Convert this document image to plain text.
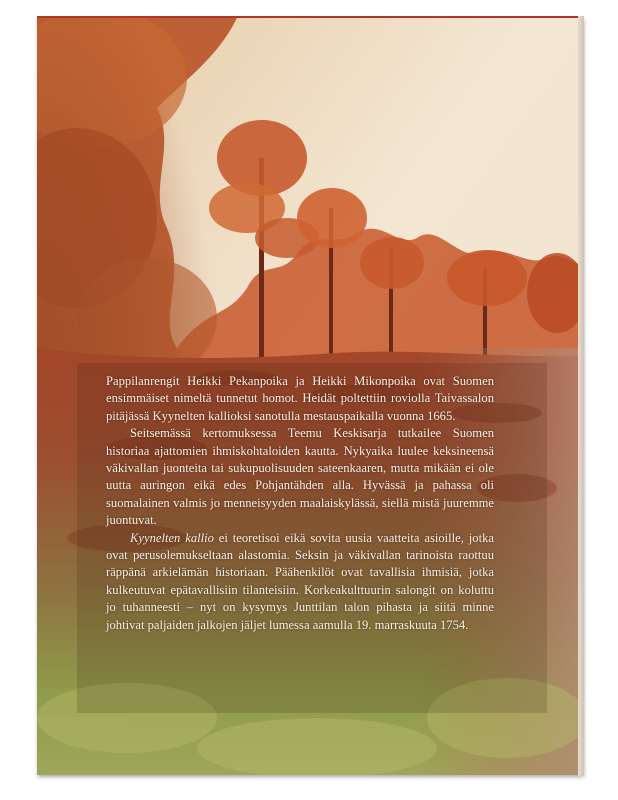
Pappilanrengit Heikki Pekanpoika ja Heikki Mikonpoika ovat Suomen ensimmäiset nimeltä tunnetut homot. Heidät poltettiin roviolla Taivassalon pitäjässä Kyynelten kallioksi sanotulla mestauspaikalla vuonna 1665.

Seitsemässä kertomuksessa Teemu Keskisarja tutkailee Suomen historiaa ajattomien ihmiskohtaloiden kautta. Nykyaika luulee keksineensä väkivallan juonteita tai sukupuolisuuden sateenkaaren, mutta mikään ei ole uutta auringon eikä edes Pohjantähden alla. Hyvässä ja pahassa oli suomalainen valmis jo menneisyyden maalaiskylässä, siellä mistä juuremme juontuvat.

Kyynelten kallio ei teoretisoi eikä sovita uusia vaatteita asioille, jotka ovat perusolemukseltaan alastomia. Seksin ja väkivallan tarinoista raottuu räppänä arkielämän historiaan. Päähenkilöt ovat tavallisia ihmisiä, jotka kulkeutuvat epätavallisiin tilanteisiin. Korkeakulttuurin salongit on koluttu jo tuhanneesti – nyt on kysymys Junttilan talon pihasta ja siitä minne johtivat paljaiden jalkojen jäljet lumessa aamulla 19. marraskuuta 1754.
